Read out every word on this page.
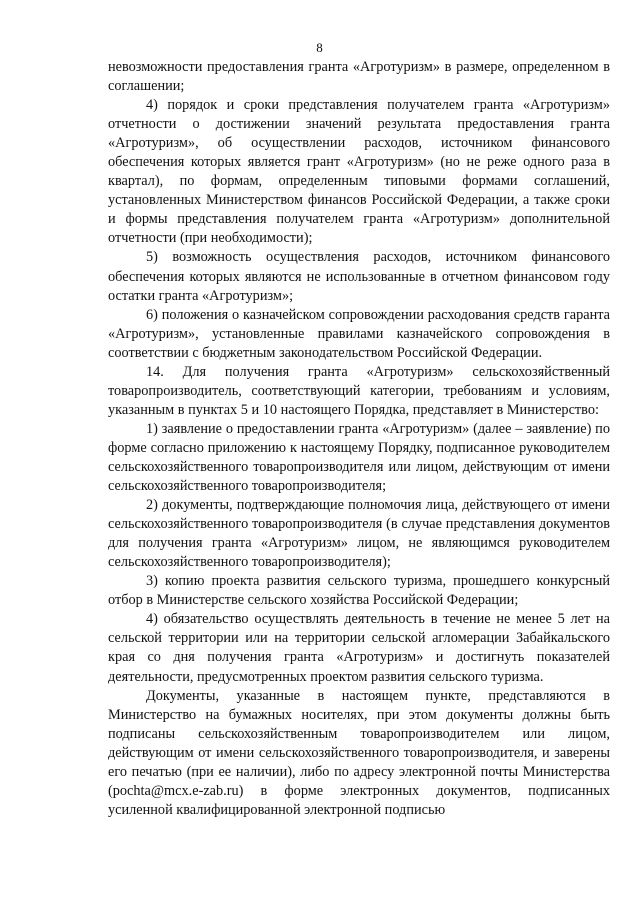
8

невозможности предоставления гранта «Агротуризм» в размере, определенном в соглашении;

4) порядок и сроки представления получателем гранта «Агротуризм» отчетности о достижении значений результата предоставления гранта «Агротуризм», об осуществлении расходов, источником финансового обеспечения которых является грант «Агротуризм» (но не реже одного раза в квартал), по формам, определенным типовыми формами соглашений, установленных Министерством финансов Российской Федерации, а также сроки и формы представления получателем гранта «Агротуризм» дополнительной отчетности (при необходимости);

5) возможность осуществления расходов, источником финансового обеспечения которых являются не использованные в отчетном финансовом году остатки гранта «Агротуризм»;

6) положения о казначейском сопровождении расходования средств гаранта «Агротуризм», установленные правилами казначейского сопровождения в соответствии с бюджетным законодательством Российской Федерации.

14. Для получения гранта «Агротуризм» сельскохозяйственный товаропроизводитель, соответствующий категории, требованиям и условиям, указанным в пунктах 5 и 10 настоящего Порядка, представляет в Министерство:

1) заявление о предоставлении гранта «Агротуризм» (далее – заявление) по форме согласно приложению к настоящему Порядку, подписанное руководителем сельскохозяйственного товаропроизводителя или лицом, действующим от имени сельскохозяйственного товаропроизводителя;

2) документы, подтверждающие полномочия лица, действующего от имени сельскохозяйственного товаропроизводителя (в случае представления документов для получения гранта «Агротуризм» лицом, не являющимся руководителем сельскохозяйственного товаропроизводителя);

3) копию проекта развития сельского туризма, прошедшего конкурсный отбор в Министерстве сельского хозяйства Российской Федерации;

4) обязательство осуществлять деятельность в течение не менее 5 лет на сельской территории или на территории сельской агломерации Забайкальского края со дня получения гранта «Агротуризм» и достигнуть показателей деятельности, предусмотренных проектом развития сельского туризма.

Документы, указанные в настоящем пункте, представляются в Министерство на бумажных носителях, при этом документы должны быть подписаны сельскохозяйственным товаропроизводителем или лицом, действующим от имени сельскохозяйственного товаропроизводителя, и заверены его печатью (при ее наличии), либо по адресу электронной почты Министерства (pochta@mcx.e-zab.ru) в форме электронных документов, подписанных усиленной квалифицированной электронной подписью
